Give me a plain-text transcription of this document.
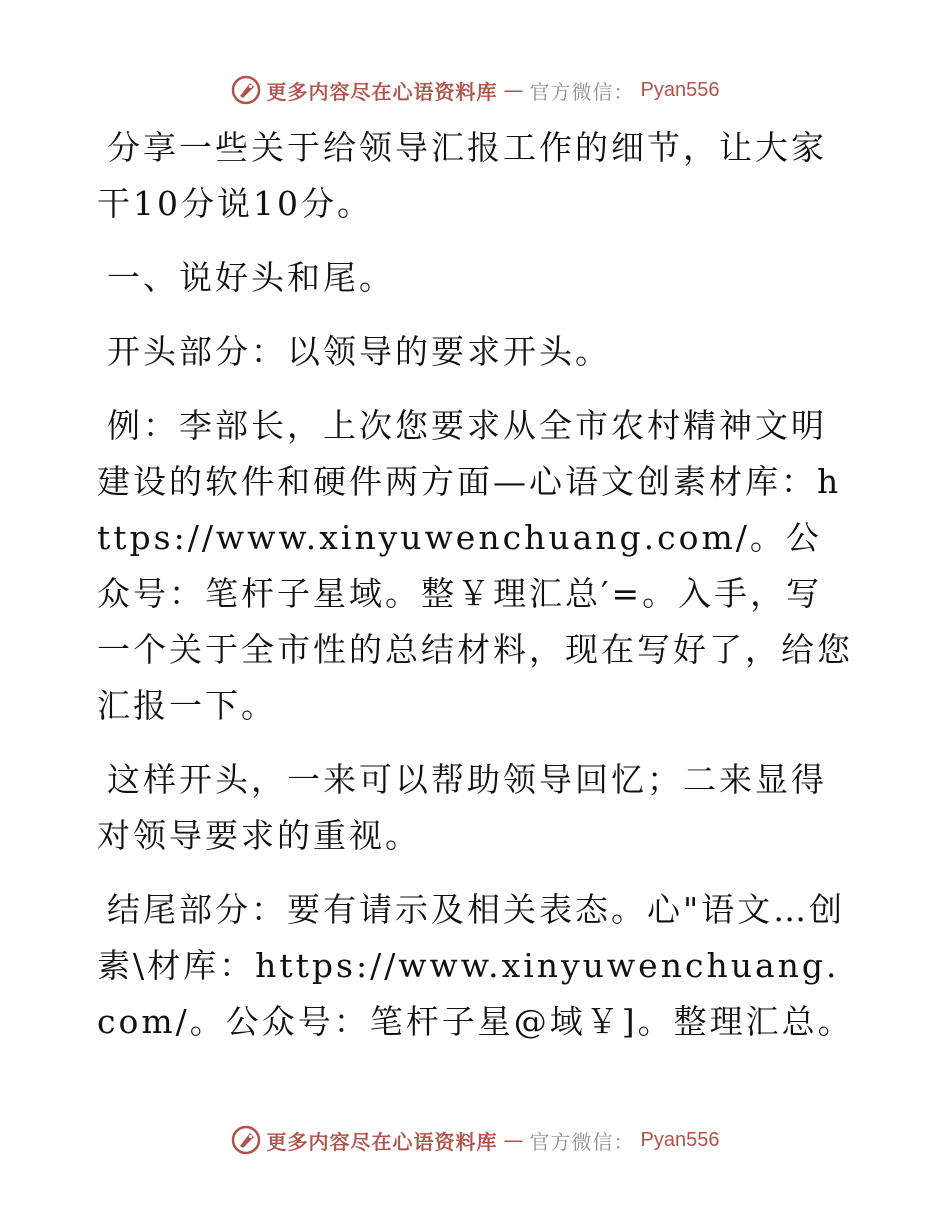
更多内容尽在心语资料库 — 官方微信： Pyan556

分享一些关于给领导汇报工作的细节，让大家干10分说10分。

一、说好头和尾。

开头部分：以领导的要求开头。

例：李部长，上次您要求从全市农村精神文明建设的软件和硬件两方面—心语文创素材库：https://www.xinyuwenchuang.com/。公众号：笔杆子星域。整￥理汇总′=。入手，写一个关于全市性的总结材料，现在写好了，给您汇报一下。

这样开头，一来可以帮助领导回忆；二来显得对领导要求的重视。

结尾部分：要有请示及相关表态。心"语文…创素\材库：https://www.xinyuwenchuang.com/。公众号：笔杆子星@域￥]。整理汇总。

更多内容尽在心语资料库 — 官方微信： Pyan556
